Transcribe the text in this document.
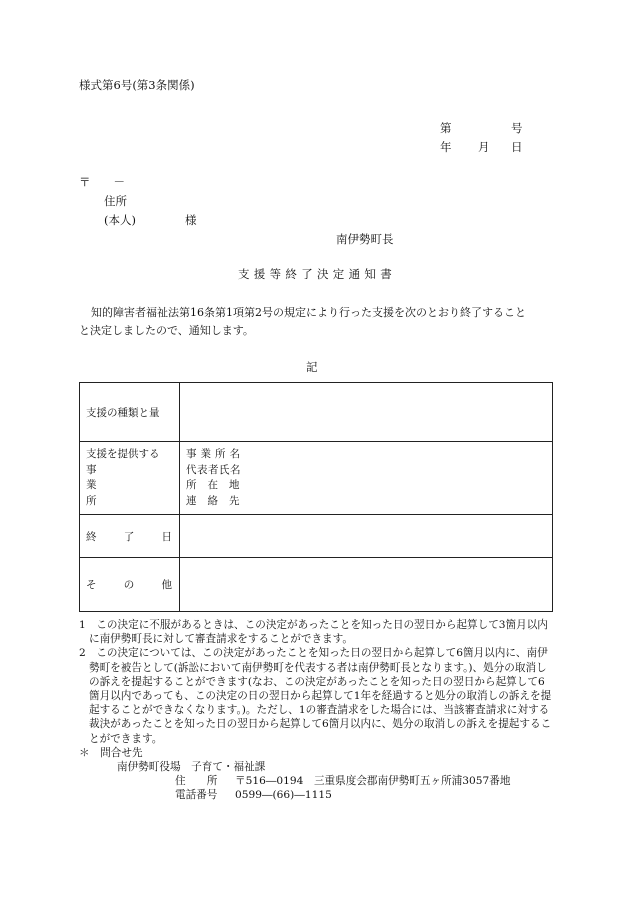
様式第6号(第3条関係)
第	号
年 月 日
〒　　－
住所
(本人)	様
南伊勢町長
支援等終了決定通知書
知的障害者福祉法第16条第1項第2号の規定により行った支援を次のとおり終了すること
と決定しましたので、通知します。
記
支援の種類と量	

支援を提供する
事
業
所	事業所名
代表者氏名
所在地
連絡先

終 了 日	

そ の 他	

1　この決定に不服があるときは、この決定があったことを知った日の翌日から起算して3箇月以内に南伊勢町長に対して審査請求をすることができます。

2　この決定については、この決定があったことを知った日の翌日から起算して6箇月以内に、南伊勢町を被告として(訴訟において南伊勢町を代表する者は南伊勢町長となります。)、処分の取消しの訴えを提起することができます(なお、この決定があったことを知った日の翌日から起算して6箇月以内であっても、この決定の日の翌日から起算して1年を経過すると処分の取消しの訴えを提起することができなくなります。)。ただし、1の審査請求をした場合には、当該審査請求に対する裁決があったことを知った日の翌日から起算して6箇月以内に、処分の取消しの訴えを提起することができます。

＊　問合せ先

南伊勢町役場　子育て・福祉課

住　　所 〒516―0194　三重県度会郡南伊勢町五ヶ所浦3057番地

電話番号 0599―(66)―1115
